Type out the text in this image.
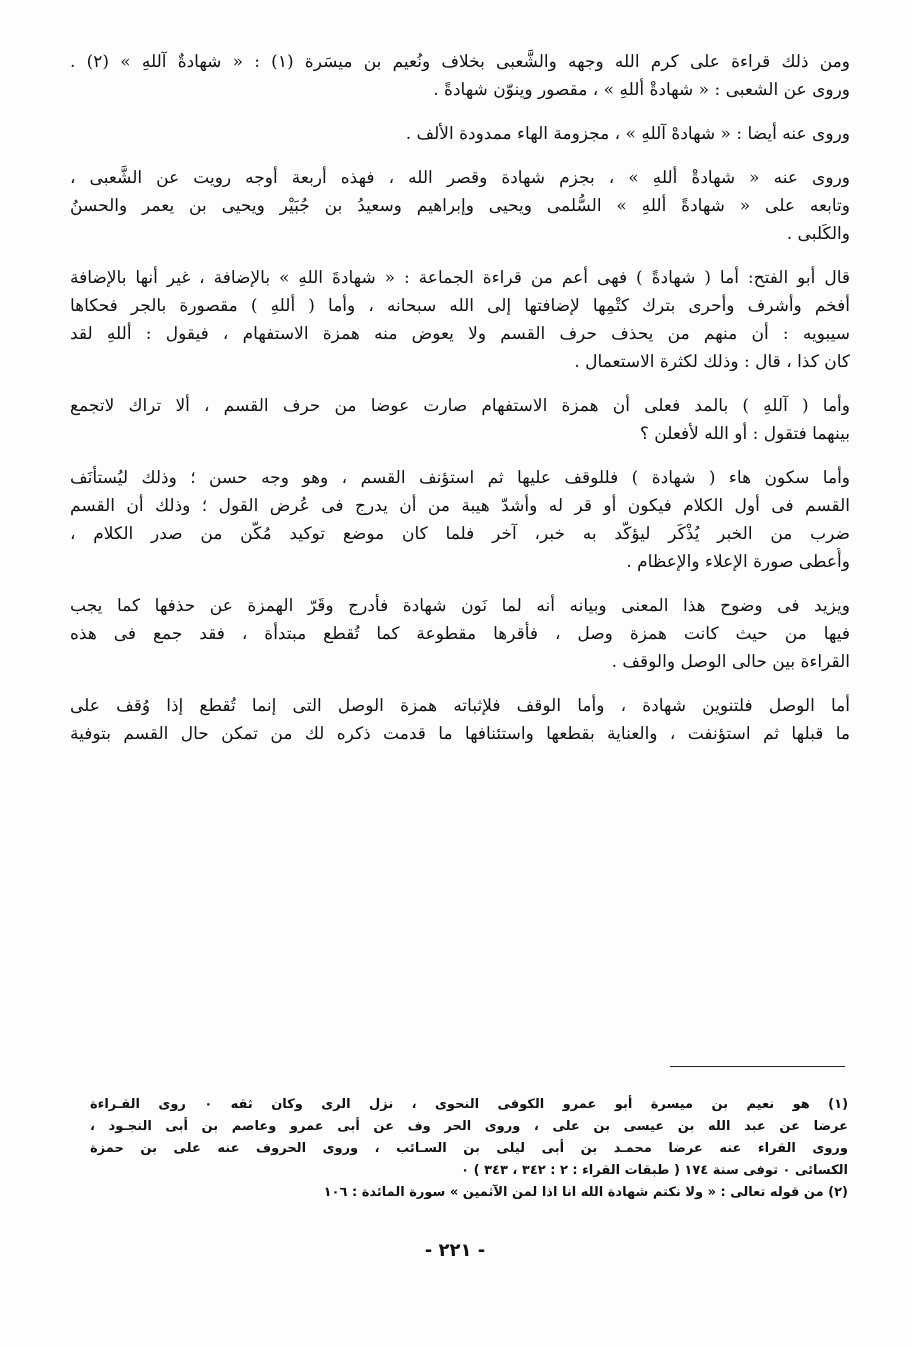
ومن ذلك قراءة على كرم الله وجهه والشَّعبى بخلاف ونُعيم بن ميسَرة (١) : « شهادةٌ آللهِ » (٢) .
وروى عن الشعبى : « شهادةْ أللهِ » ، مقصور وينوّن شهادةً .
وروى عنه أيضا : « شهادهْ آللهِ » ، مجزومة الهاء ممدودة الألف .
وروى عنه « شهادةْ أللهِ » ، بجزم شهادة وقصر الله ، فهذه أربعة أوجه رويت عن الشَّعبى ،
وتابعه على « شهادةً أللهِ » السُّلمى ويحيى وإبراهيم وسعيدُ بن جُبَيْر ويحيى بن يعمر والحسنُ
والكَلبى .
قال أبو الفتح: أما ( شهادةً ) فهى أعم من قراءة الجماعة : « شهادةَ اللهِ » بالإضافة ، غير أنها بالإضافة
أفخم وأشرف وأحرى بترك كتْمِها لإضافتها إلى الله سبحانه ، وأما ( أللهِ ) مقصورة بالجر فحكاها
سيبويه : أن منهم من يحذف حرف القسم ولا يعوض منه همزة الاستفهام ، فيقول : أللهِ لقد
كان كذا ، قال : وذلك لكثرة الاستعمال .
وأما ( آللهِ ) بالمد فعلى أن همزة الاستفهام صارت عوضا من حرف القسم ، ألا تراك لاتجمع
بينهما فتقول : أو الله لأفعلن ؟
وأما سكون هاء ( شهادة ) فللوقف عليها ثم استؤنف القسم ، وهو وجه حسن ؛ وذلك ليُستأْنَف
القسم فى أول الكلام فيكون أو قر له وأشدّ هيبة من أن يدرج فى عُرض القول ؛ وذلك أن القسم
ضرب من الخبر يُذْكَر ليؤكّد به خبر، آخر فلما كان موضع توكيد مُكّن من صدر الكلام ،
وأُعطى صورة الإعلاء والإعظام .
ويزيد فى وضوح هذا المعنى وبيانه أنه لما نَون شهادة فأدرج وقَرّ الهمزة عن حذفها كما يجب
فيها من حيث كانت همزة وصل ، فأقرها مقطوعة كما تُقطع مبتدأة ، فقد جمع فى هذه
القراءة بين حالى الوصل والوقف .
أما الوصل فلتنوين شهادة ، وأما الوقف فلإثباته همزة الوصل التى إنما تُقطع إذا وُقف على
ما قبلها ثم استؤنفت ، والعناية بقطعها واستئنافها ما قدمت ذكره لك من تمكن حال القسم بتوفية
(١) هو نعيم بن ميسرة أبو عمرو الكوفى النحوى ، نزل الرى وكان ثقه ٠ روى القـراءة
عرضا عن عبد الله بن عيسى بن على ، وروى الحر وف عن أبى عمرو وعاصم بن أبى النجـود ،
وروى القراء عنه عرضا محمـد بن أبى ليلى بن السـائب ، وروى الحروف عنه على بن حمزة
الكسائى ٠ توفى سنة ١٧٤ ( طبقات القراء : ٢ : ٣٤٢ ، ٣٤٣ ) ٠
(٢) من قوله تعالى : « ولا نكتم شهادة الله انا اذا لمن الآثمين » سورة المائدة : ١٠٦
- ٢٢١ -
